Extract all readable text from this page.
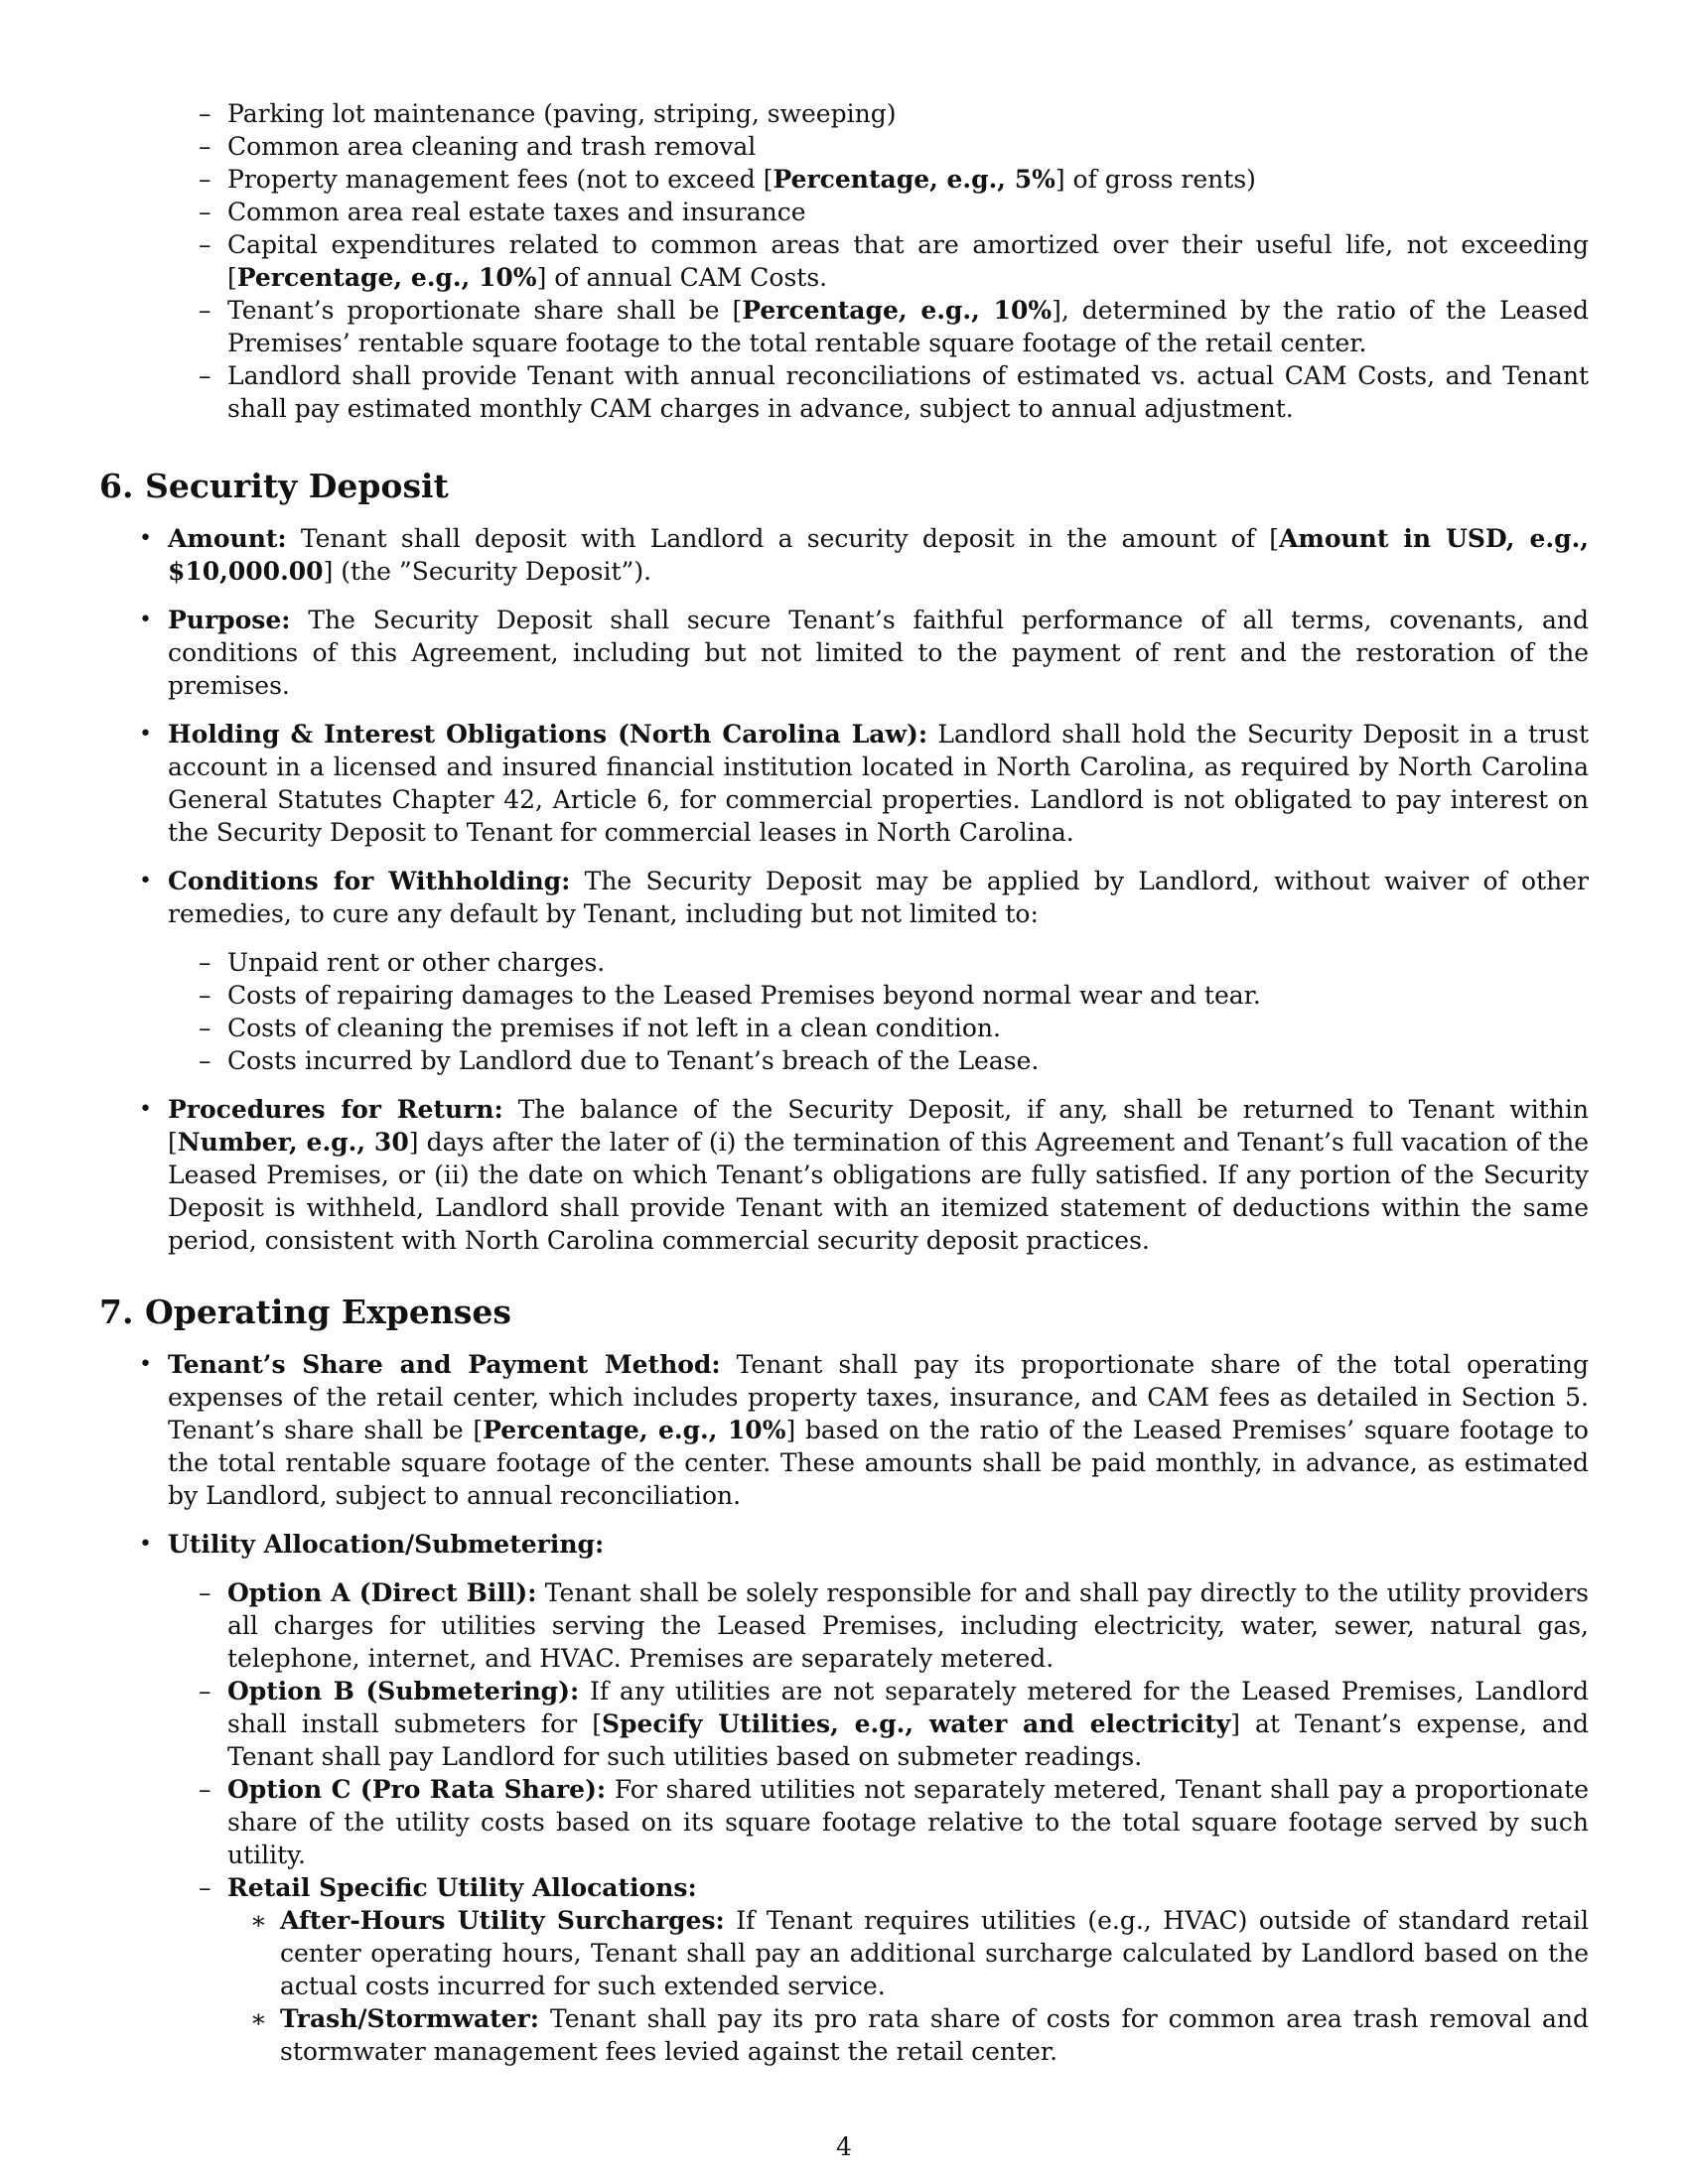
– Parking lot maintenance (paving, striping, sweeping)

– Common area cleaning and trash removal

– Property management fees (not to exceed [Percentage, e.g., 5%] of gross rents)

– Common area real estate taxes and insurance

– Capital expenditures related to common areas that are amortized over their useful life, not exceeding [Percentage, e.g., 10%] of annual CAM Costs.

– Tenant’s proportionate share shall be [Percentage, e.g., 10%], determined by the ratio of the Leased Premises’ rentable square footage to the total rentable square footage of the retail center.

– Landlord shall provide Tenant with annual reconciliations of estimated vs. actual CAM Costs, and Tenant shall pay estimated monthly CAM charges in advance, subject to annual adjustment.

6. Security Deposit
• Amount: Tenant shall deposit with Landlord a security deposit in the amount of [Amount in USD, e.g., $10,000.00] (the ”Security Deposit”).
• Purpose: The Security Deposit shall secure Tenant’s faithful performance of all terms, covenants, and conditions of this Agreement, including but not limited to the payment of rent and the restoration of the premises.
• Holding & Interest Obligations (North Carolina Law): Landlord shall hold the Security Deposit in a trust account in a licensed and insured financial institution located in North Carolina, as required by North Carolina General Statutes Chapter 42, Article 6, for commercial properties. Landlord is not obligated to pay interest on the Security Deposit to Tenant for commercial leases in North Carolina.
• Conditions for Withholding: The Security Deposit may be applied by Landlord, without waiver of other remedies, to cure any default by Tenant, including but not limited to:

– Unpaid rent or other charges.

– Costs of repairing damages to the Leased Premises beyond normal wear and tear.

– Costs of cleaning the premises if not left in a clean condition.

– Costs incurred by Landlord due to Tenant’s breach of the Lease.

• Procedures for Return: The balance of the Security Deposit, if any, shall be returned to Tenant within [Number, e.g., 30] days after the later of (i) the termination of this Agreement and Tenant’s full vacation of the Leased Premises, or (ii) the date on which Tenant’s obligations are fully satisfied. If any portion of the Security Deposit is withheld, Landlord shall provide Tenant with an itemized statement of deductions within the same period, consistent with North Carolina commercial security deposit practices.
7. Operating Expenses
• Tenant’s Share and Payment Method: Tenant shall pay its proportionate share of the total operating expenses of the retail center, which includes property taxes, insurance, and CAM fees as detailed in Section 5. Tenant’s share shall be [Percentage, e.g., 10%] based on the ratio of the Leased Premises’ square footage to the total rentable square footage of the center. These amounts shall be paid monthly, in advance, as estimated by Landlord, subject to annual reconciliation.
• Utility Allocation/Submetering:

– Option A (Direct Bill): Tenant shall be solely responsible for and shall pay directly to the utility providers all charges for utilities serving the Leased Premises, including electricity, water, sewer, natural gas, telephone, internet, and HVAC. Premises are separately metered.

– Option B (Submetering): If any utilities are not separately metered for the Leased Premises, Landlord shall install submeters for [Specify Utilities, e.g., water and electricity] at Tenant’s expense, and Tenant shall pay Landlord for such utilities based on submeter readings.

– Option C (Pro Rata Share): For shared utilities not separately metered, Tenant shall pay a proportionate share of the utility costs based on its square footage relative to the total square footage served by such utility.

– Retail Specific Utility Allocations:

∗ After-Hours Utility Surcharges: If Tenant requires utilities (e.g., HVAC) outside of standard retail center operating hours, Tenant shall pay an additional surcharge calculated by Landlord based on the actual costs incurred for such extended service.

∗ Trash/Stormwater: Tenant shall pay its pro rata share of costs for common area trash removal and stormwater management fees levied against the retail center.

4
